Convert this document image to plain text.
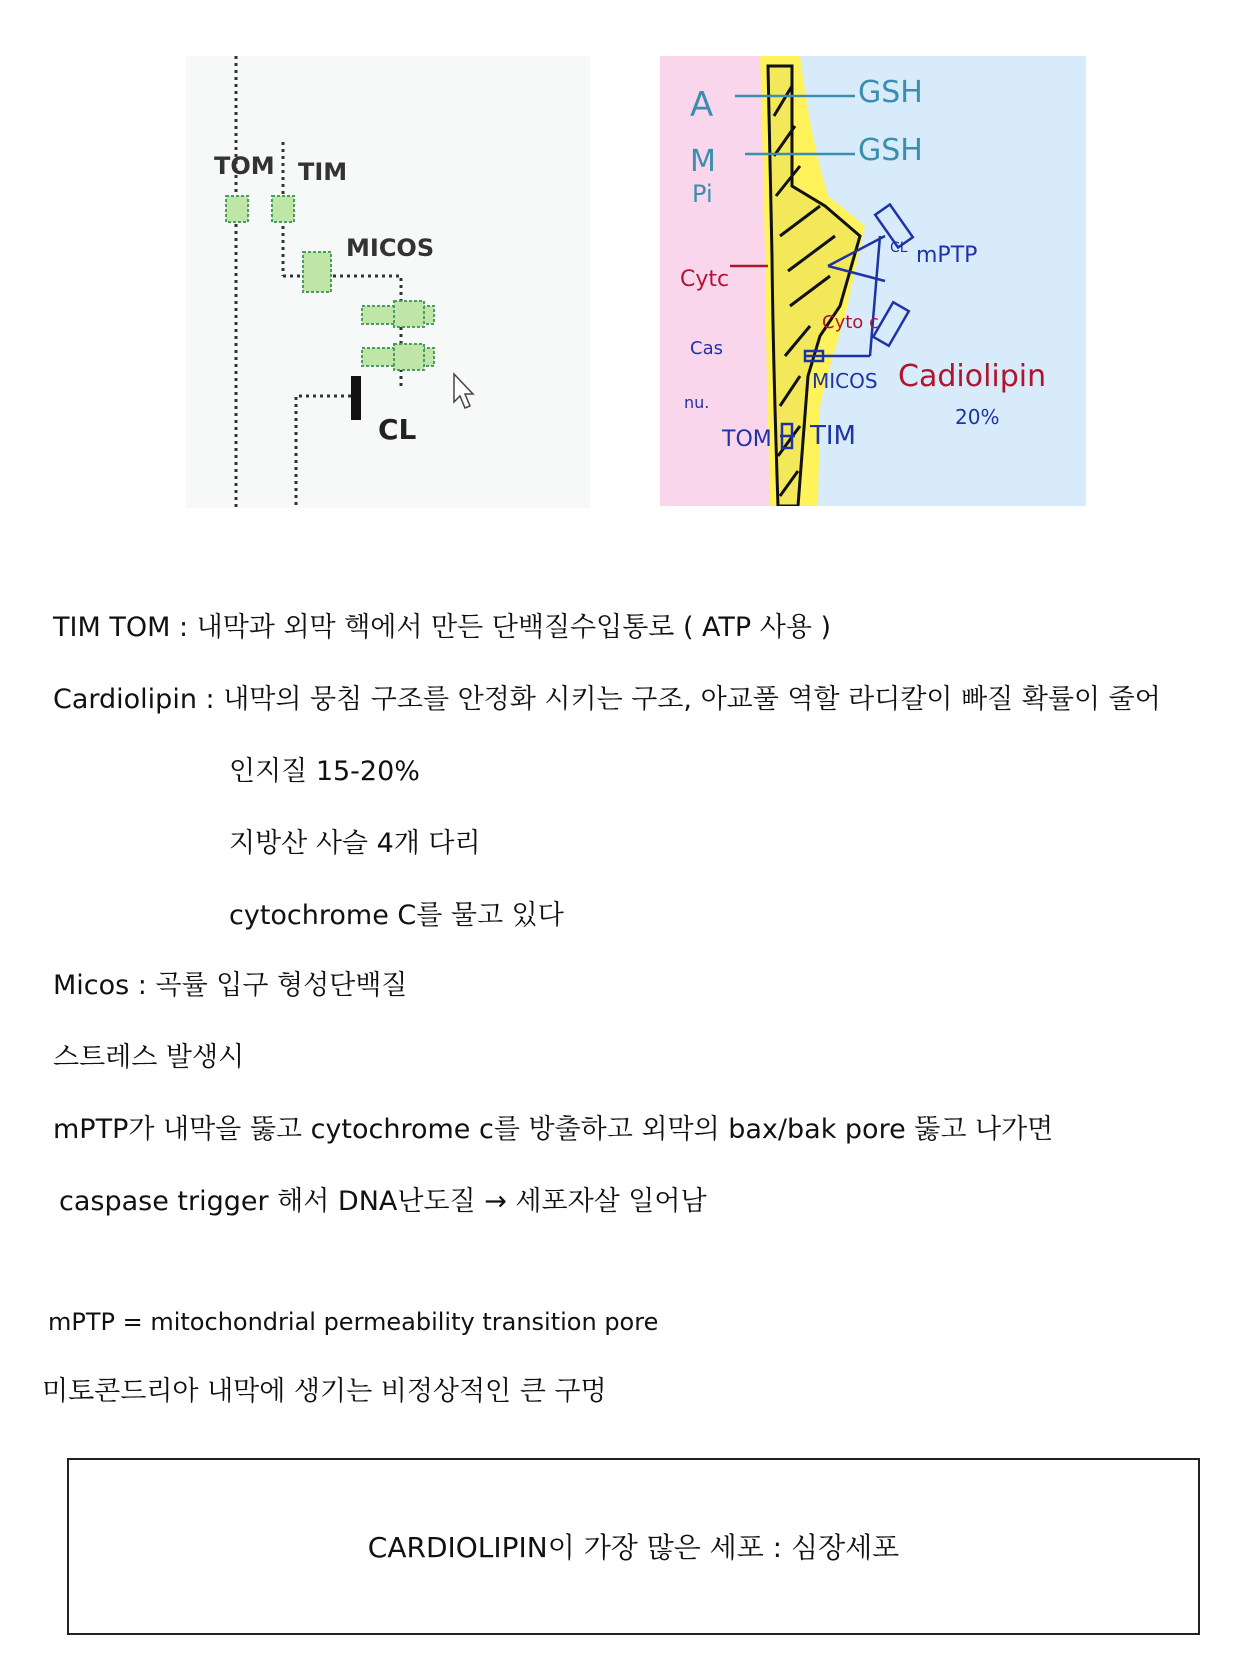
TOM TIM
MICOS
CL
A
M
Pi
GSH
GSH
CL mPTP
Cytc
Cas
nu.
Cyto c
MICOS Cadiolipin
20%
TOM TIM
TIM TOM : 내막과 외막 핵에서 만든 단백질수입통로 ( ATP 사용 )
Cardiolipin : 내막의 뭉침 구조를 안정화 시키는 구조, 아교풀 역할 라디칼이 빠질 확률이 줄어
인지질 15-20%
지방산 사슬 4개 다리
cytochrome C를 물고 있다
Micos : 곡률 입구 형성단백질
스트레스 발생시
mPTP가 내막을 뚫고 cytochrome c를 방출하고 외막의 bax/bak pore 뚫고 나가면
caspase trigger 해서 DNA난도질 → 세포자살 일어남
mPTP = mitochondrial permeability transition pore
미토콘드리아 내막에 생기는 비정상적인 큰 구멍
CARDIOLIPIN이 가장 많은 세포 : 심장세포
